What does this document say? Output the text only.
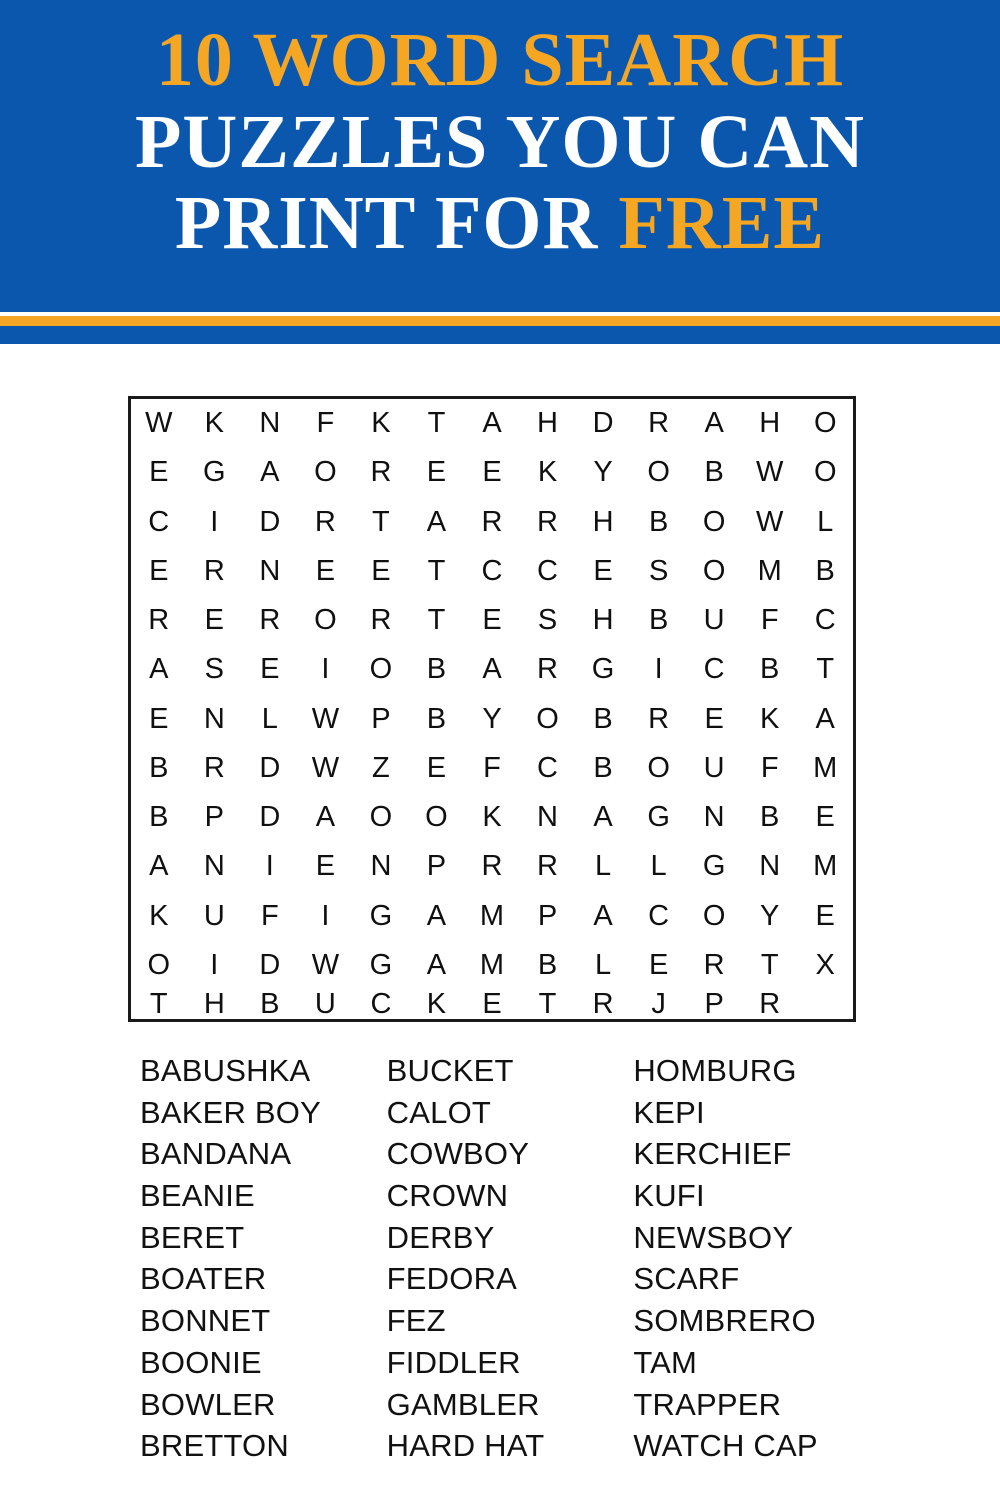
10 WORD SEARCH
PUZZLES YOU CAN
PRINT FOR FREE
W K N F K T A H D R A H O
E G A O R E E K Y O B W O
C I D R T A R R H B O W L
E R N E E T C C E S O M B
R E R O R T E S H B U F C
A S E I O B A R G I C B T
E N L W P B Y O B R E K A
B R D W Z E F C B O U F M
B P D A O O K N A G N B E
A N I E N P R R L L G N M
K U F I G A M P A C O Y E
O I D W G A M B L E R T X
T H B U C K E T R J P R
BABUSHKA
BAKER BOY
BANDANA
BEANIE
BERET
BOATER
BONNET
BOONIE
BOWLER
BRETTON
BUCKET
CALOT
COWBOY
CROWN
DERBY
FEDORA
FEZ
FIDDLER
GAMBLER
HARD HAT
HOMBURG
KEPI
KERCHIEF
KUFI
NEWSBOY
SCARF
SOMBRERO
TAM
TRAPPER
WATCH CAP
